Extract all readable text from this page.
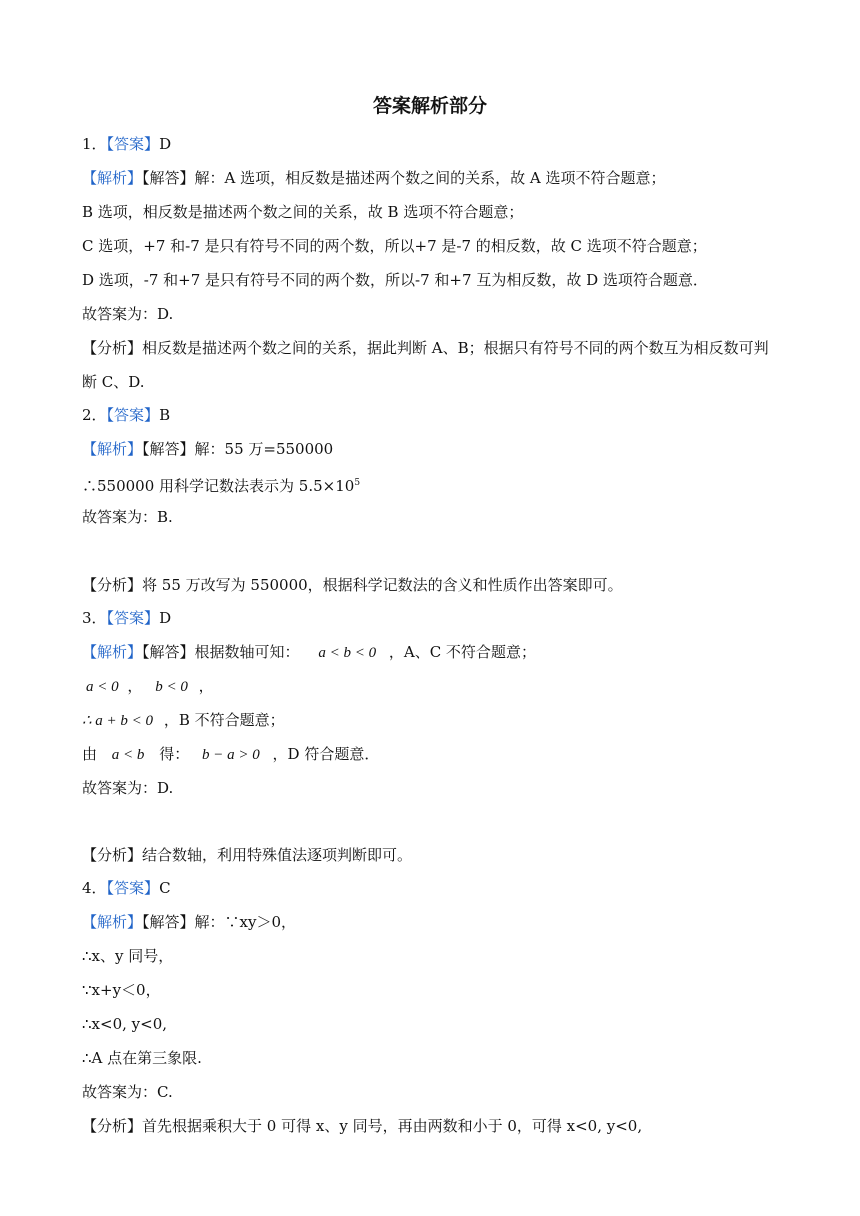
答案解析部分
1．【答案】D
【解析】【解答】解：A 选项，相反数是描述两个数之间的关系，故 A 选项不符合题意；
B 选项，相反数是描述两个数之间的关系，故 B 选项不符合题意；
C 选项，+7 和-7 是只有符号不同的两个数，所以+7 是-7 的相反数，故 C 选项不符合题意；
D 选项，-7 和+7 是只有符号不同的两个数，所以-7 和+7 互为相反数，故 D 选项符合题意．
故答案为：D.
【分析】相反数是描述两个数之间的关系，据此判断 A、B；根据只有符号不同的两个数互为相反数可判
断 C、D.
2．【答案】B
【解析】【解答】解：55 万=550000
∴550000 用科学记数法表示为 $5.5\times 10^5$
故答案为：B.
【分析】将 55 万改写为 550000，根据科学记数法的含义和性质作出答案即可。
3．【答案】D
【解析】【解答】根据数轴可知： a < b < 0 ，A、C 不符合题意；
a < 0 ， b < 0 ，
∴ a + b < 0 ，B 不符合题意；
由 a < b 得： b − a > 0 ，D 符合题意．
故答案为：D.
【分析】结合数轴，利用特殊值法逐项判断即可。
4．【答案】C
【解析】【解答】解：∵xy＞0，
∴x、y 同号，
∵x+y＜0，
∴x<0, y<0,
∴A 点在第三象限.
故答案为：C.
【分析】首先根据乘积大于 0 可得 x、y 同号，再由两数和小于 0，可得 x<0, y<0,
